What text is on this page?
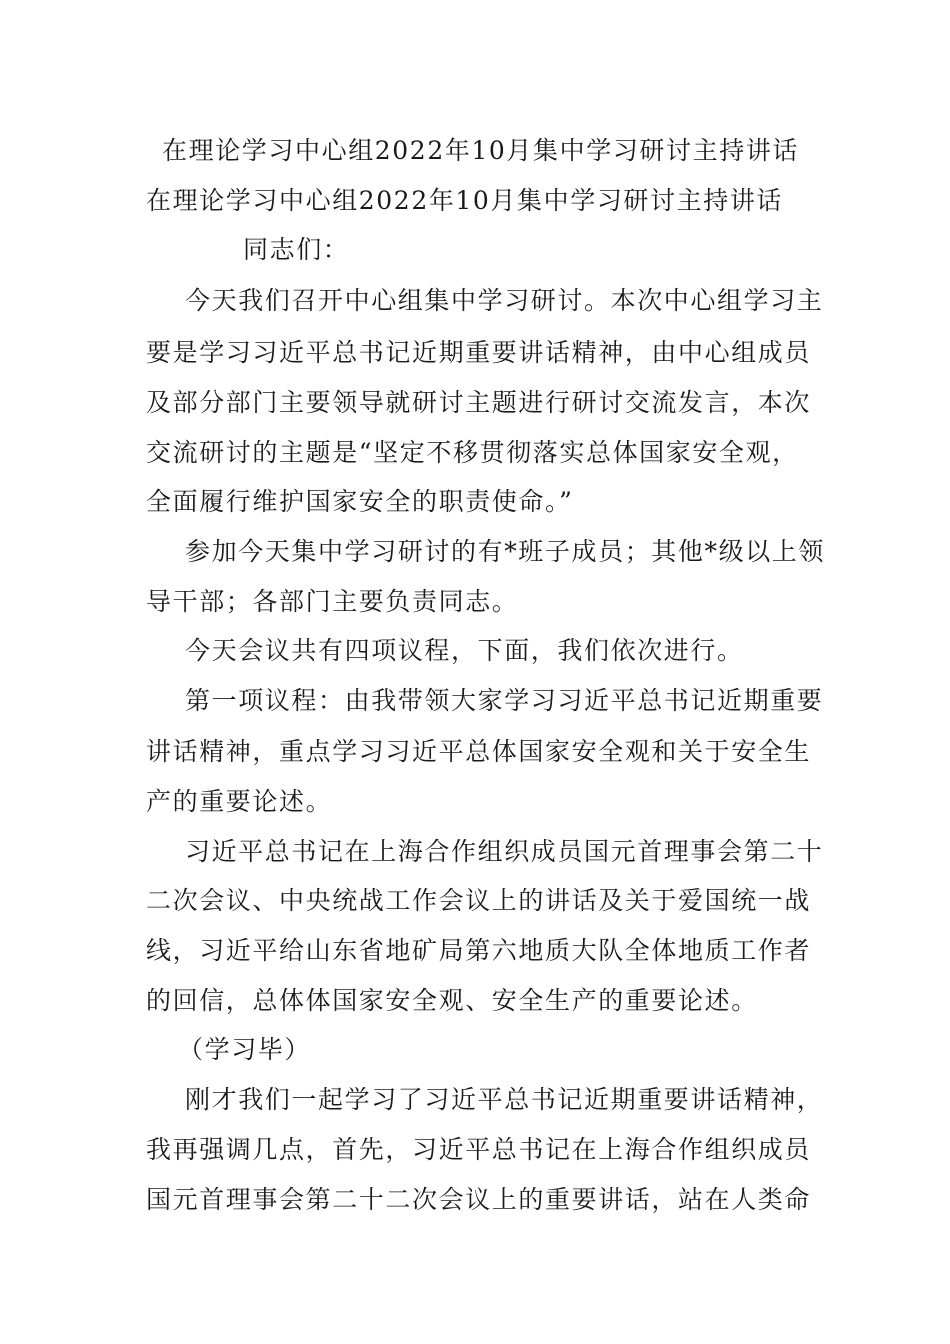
在理论学习中心组2022年10月集中学习研讨主持讲话
在理论学习中心组2022年10月集中学习研讨主持讲话
同志们：
今天我们召开中心组集中学习研讨。本次中心组学习主
要是学习习近平总书记近期重要讲话精神，由中心组成员
及部分部门主要领导就研讨主题进行研讨交流发言，本次
交流研讨的主题是“坚定不移贯彻落实总体国家安全观，
全面履行维护国家安全的职责使命。”
参加今天集中学习研讨的有*班子成员；其他*级以上领
导干部；各部门主要负责同志。
今天会议共有四项议程，下面，我们依次进行。
第一项议程：由我带领大家学习习近平总书记近期重要
讲话精神，重点学习习近平总体国家安全观和关于安全生
产的重要论述。
习近平总书记在上海合作组织成员国元首理事会第二十
二次会议、中央统战工作会议上的讲话及关于爱国统一战
线，习近平给山东省地矿局第六地质大队全体地质工作者
的回信，总体体国家安全观、安全生产的重要论述。
（学习毕）
刚才我们一起学习了习近平总书记近期重要讲话精神，
我再强调几点，首先，习近平总书记在上海合作组织成员
国元首理事会第二十二次会议上的重要讲话，站在人类命
